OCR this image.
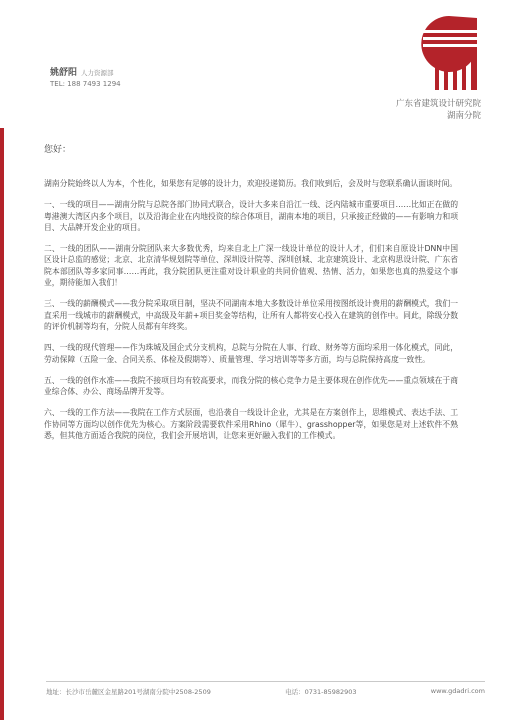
广东省建筑设计研究院
湖南分院
姚舒阳 人力资源部
TEL: 188 7493 1294
您好：

湖南分院始终以人为本，个性化，如果您有足够的设计力，欢迎投递简历。我们收到后，会及时与您联系确认面谈时间。

一、一线的项目——湖南分院与总院各部门协同式联合，设计大多来自沿江一线、泛内陆城市重要项目……比如正在做的粤港澳大湾区内多个项目，以及沿海企业在内地投资的综合体项目，湖南本地的项目，只承接正经做的——有影响力和项目、大品牌开发企业的项目。

二、一线的团队——湖南分院团队来大多数优秀，均来自北上广深一线设计单位的设计人才，们们来自原设计DNN中国区设计总监的感觉；北京、北京清华规划院等单位、深圳设计院等、深圳创城、北京建筑设计、北京构思设计院、广东省院本部团队等多家同事……再此，我分院团队更注重对设计职业的共同价值观、热情、活力，如果您也真的热爱这个事业，期待能加入我们！

三、一线的薪酬模式——我分院采取项目制，坚决不同湖南本地大多数设计单位采用按图纸设计费用的薪酬模式，我们一直采用一线城市的薪酬模式，中高级及年薪+项目奖金等结构，让所有人都将安心投入在建筑的创作中。同此，除级分数的评价机制等均有，分院人员都有年终奖。

四、一线的现代管理——作为珠城及国企式分支机构，总院与分院在人事、行政、财务等方面均采用一体化模式，同此，劳动保障（五险一金、合同关系、体检及假期等）、质量管理、学习培训等等多方面，均与总院保持高度一致性。

五、一线的创作水准——我院不接项目均有较高要求，而我分院的核心竞争力是主要体现在创作优先——重点领域在于商业综合体、办公、商场品牌开发等。

六、一线的工作方法——我院在工作方式层面，也沿袭自一线设计企业，尤其是在方案创作上，思维模式、表达手法、工作协同等方面均以创作优先为核心。方案阶段需要软件采用Rhino（犀牛）、grasshopper等，如果您是对上述软件不熟悉，但其他方面适合我院的岗位，我们会开展培训，让您来更好融入我们的工作模式。

地址：长沙市岳麓区金星路201号湖南分院中2508-2509	电话：0731-85982903	www.gdadri.com
